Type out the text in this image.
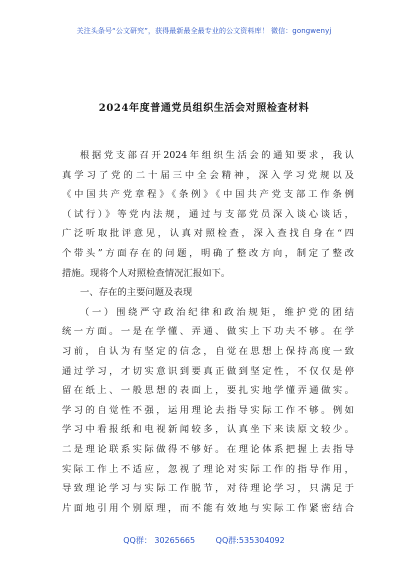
关注头条号“公文研究”，获得最新最全最专业的公文资料库！ 微信：gongwenyj
2024年度普通党员组织生活会对照检查材料
根据党支部召开2024年组织生活会的通知要求，我认
真学习了党的二十届三中全会精神，深入学习党规以及
《中国共产党章程》《条例》《中国共产党支部工作条例
（试行）》等党内法规，通过与支部党员深入谈心谈话，
广泛听取批评意见，认真对照检查，深入查找自身在“四
个带头”方面存在的问题，明确了整改方向，制定了整改
措施。现将个人对照检查情况汇报如下。
一、存在的主要问题及表现
（一）围绕严守政治纪律和政治规矩，维护党的团结
统一方面。一是在学懂、弄通、做实上下功夫不够。在学
习前，自认为有坚定的信念，自觉在思想上保持高度一致
通过学习，才切实意识到要真正做到坚定性，不仅仅是停
留在纸上、一般思想的表面上，要扎实地学懂弄通做实。
学习的自觉性不强，运用理论去指导实际工作不够。例如
学习中看报纸和电视新闻较多，认真坐下来读原文较少。
二是理论联系实际做得不够好。在理论体系把握上去指导
实际工作上不适应，忽视了理论对实际工作的指导作用，
导致理论学习与实际工作脱节，对待理论学习，只满足于
片面地引用个别原理，而不能有效地与实际工作紧密结合
QQ群： 30265665	QQ群:535304092
